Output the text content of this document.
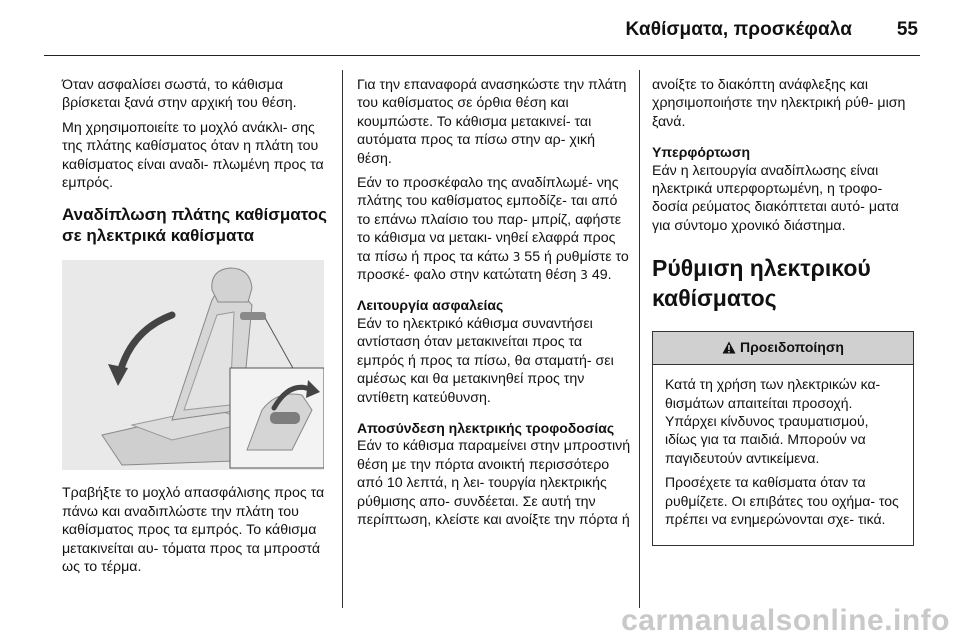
Καθίσματα, προσκέφαλα 55

Όταν ασφαλίσει σωστά, το κάθισμα βρίσκεται ξανά στην αρχική του θέση.

Μη χρησιμοποιείτε το μοχλό ανάκλι- σης της πλάτης καθίσματος όταν η πλάτη του καθίσματος είναι αναδι- πλωμένη προς τα εμπρός.

Αναδίπλωση πλάτης καθίσματος σε ηλεκτρικά καθίσματα

Τραβήξτε το μοχλό απασφάλισης προς τα πάνω και αναδιπλώστε την πλάτη του καθίσματος προς τα εμπρός. Το κάθισμα μετακινείται αυ- τόματα προς τα μπροστά ως το τέρμα.

Για την επαναφορά ανασηκώστε την πλάτη του καθίσματος σε όρθια θέση και κουμπώστε. Το κάθισμα μετακινεί- ται αυτόματα προς τα πίσω στην αρ- χική θέση.

Εάν το προσκέφαλο της αναδίπλωμέ- νης πλάτης του καθίσματος εμποδίζε- ται από το επάνω πλαίσιο του παρ- μπρίζ, αφήστε το κάθισμα να μετακι- νηθεί ελαφρά προς τα πίσω ή προς τα κάτω 3 55 ή ρυθμίστε το προσκέ- φαλο στην κατώτατη θέση 3 49.

Λειτουργία ασφαλείας

Εάν το ηλεκτρικό κάθισμα συναντήσει αντίσταση όταν μετακινείται προς τα εμπρός ή προς τα πίσω, θα σταματή- σει αμέσως και θα μετακινηθεί προς την αντίθετη κατεύθυνση.

Αποσύνδεση ηλεκτρικής τροφοδοσίας

Εάν το κάθισμα παραμείνει στην μπροστινή θέση με την πόρτα ανοικτή περισσότερο από 10 λεπτά, η λει- τουργία ηλεκτρικής ρύθμισης απο- συνδέεται. Σε αυτή την περίπτωση, κλείστε και ανοίξτε την πόρτα ή

ανοίξτε το διακόπτη ανάφλεξης και χρησιμοποιήστε την ηλεκτρική ρύθ- μιση ξανά.

Υπερφόρτωση

Εάν η λειτουργία αναδίπλωσης είναι ηλεκτρικά υπερφορτωμένη, η τροφο- δοσία ρεύματος διακόπτεται αυτό- ματα για σύντομο χρονικό διάστημα.

Ρύθμιση ηλεκτρικού καθίσματος
Προειδοποίηση

Κατά τη χρήση των ηλεκτρικών κα- θισμάτων απαιτείται προσοχή. Υπάρχει κίνδυνος τραυματισμού, ιδίως για τα παιδιά. Μπορούν να παγιδευτούν αντικείμενα.

Προσέχετε τα καθίσματα όταν τα ρυθμίζετε. Οι επιβάτες του οχήμα- τος πρέπει να ενημερώνονται σχε- τικά.

carmanualsonline.info
